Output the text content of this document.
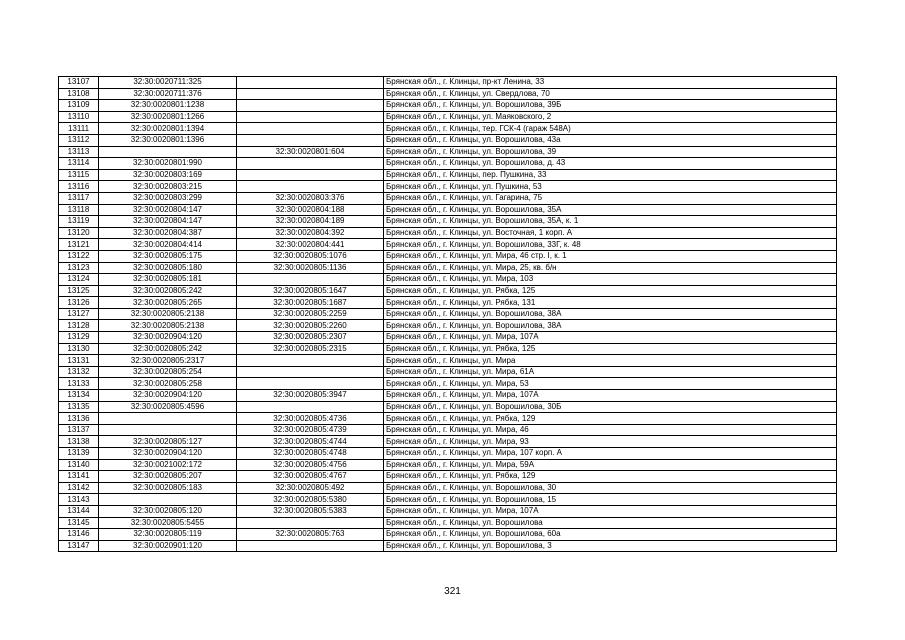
13107	32:30:0020711:325		Брянская обл., г. Клинцы, пр-кт Ленина, 33
13108	32:30:0020711:376		Брянская обл., г. Клинцы, ул. Свердлова, 70
13109	32:30:0020801:1238		Брянская обл., г. Клинцы, ул. Ворошилова, 39Б
13110	32:30:0020801:1266		Брянская обл., г. Клинцы, ул. Маяковского, 2
13111	32:30:0020801:1394		Брянская обл., г. Клинцы, тер. ГСК-4 (гараж 548А)
13112	32:30:0020801:1396		Брянская обл., г. Клинцы, ул. Ворошилова, 43а
13113		32:30:0020801:604	Брянская обл., г. Клинцы, ул. Ворошилова, 39
13114	32:30:0020801:990		Брянская обл., г. Клинцы, ул. Ворошилова, д. 43
13115	32:30:0020803:169		Брянская обл., г. Клинцы, пер. Пушкина, 33
13116	32:30:0020803:215		Брянская обл., г. Клинцы, ул. Пушкина, 53
13117	32:30:0020803:299	32:30:0020803:376	Брянская обл., г. Клинцы, ул. Гагарина, 75
13118	32:30:0020804:147	32:30:0020804:188	Брянская обл., г. Клинцы, ул. Ворошилова, 35А
13119	32:30:0020804:147	32:30:0020804:189	Брянская обл., г. Клинцы, ул. Ворошилова, 35А, к. 1
13120	32:30:0020804:387	32:30:0020804:392	Брянская обл., г. Клинцы, ул. Восточная, 1 корп. А
13121	32:30:0020804:414	32:30:0020804:441	Брянская обл., г. Клинцы, ул. Ворошилова, 33Г, к. 48
13122	32:30:0020805:175	32:30:0020805:1076	Брянская обл., г. Клинцы, ул. Мира, 46 стр. I, к. 1
13123	32:30:0020805:180	32:30:0020805:1136	Брянская обл., г. Клинцы, ул. Мира, 25, кв. б/н
13124	32:30:0020805:181		Брянская обл., г. Клинцы, ул. Мира, 103
13125	32:30:0020805:242	32:30:0020805:1647	Брянская обл., г. Клинцы, ул. Рябка, 125
13126	32:30:0020805:265	32:30:0020805:1687	Брянская обл., г. Клинцы, ул. Рябка, 131
13127	32:30:0020805:2138	32:30:0020805:2259	Брянская обл., г. Клинцы, ул. Ворошилова, 38А
13128	32:30:0020805:2138	32:30:0020805:2260	Брянская обл., г. Клинцы, ул. Ворошилова, 38А
13129	32:30:0020904:120	32:30:0020805:2307	Брянская обл., г. Клинцы, ул. Мира, 107А
13130	32:30:0020805:242	32:30:0020805:2315	Брянская обл., г. Клинцы, ул. Рябка, 125
13131	32:30:0020805:2317		Брянская обл., г. Клинцы, ул. Мира
13132	32:30:0020805:254		Брянская обл., г. Клинцы, ул. Мира, 61А
13133	32:30:0020805:258		Брянская обл., г. Клинцы, ул. Мира, 53
13134	32:30:0020904:120	32:30:0020805:3947	Брянская обл., г. Клинцы, ул. Мира, 107А
13135	32:30:0020805:4596		Брянская обл., г. Клинцы, ул. Ворошилова, 30Б
13136		32:30:0020805:4736	Брянская обл., г. Клинцы, ул. Рябка, 129
13137		32:30:0020805:4739	Брянская обл., г. Клинцы, ул. Мира, 46
13138	32:30:0020805:127	32:30:0020805:4744	Брянская обл., г. Клинцы, ул. Мира, 93
13139	32:30:0020904:120	32:30:0020805:4748	Брянская обл., г. Клинцы, ул. Мира, 107 корп. А
13140	32:30:0021002:172	32:30:0020805:4756	Брянская обл., г. Клинцы, ул. Мира, 59А
13141	32:30:0020805:207	32:30:0020805:4767	Брянская обл., г. Клинцы, ул. Рябка, 129
13142	32:30:0020805:183	32:30:0020805:492	Брянская обл., г. Клинцы, ул. Ворошилова, 30
13143		32:30:0020805:5380	Брянская обл., г. Клинцы, ул. Ворошилова, 15
13144	32:30:0020805:120	32:30:0020805:5383	Брянская обл., г. Клинцы, ул. Мира, 107А
13145	32:30:0020805:5455		Брянская обл., г. Клинцы, ул. Ворошилова
13146	32:30:0020805:119	32:30:0020805:763	Брянская обл., г. Клинцы, ул. Ворошилова, 60а
13147	32:30:0020901:120		Брянская обл., г. Клинцы, ул. Ворошилова, 3
321
